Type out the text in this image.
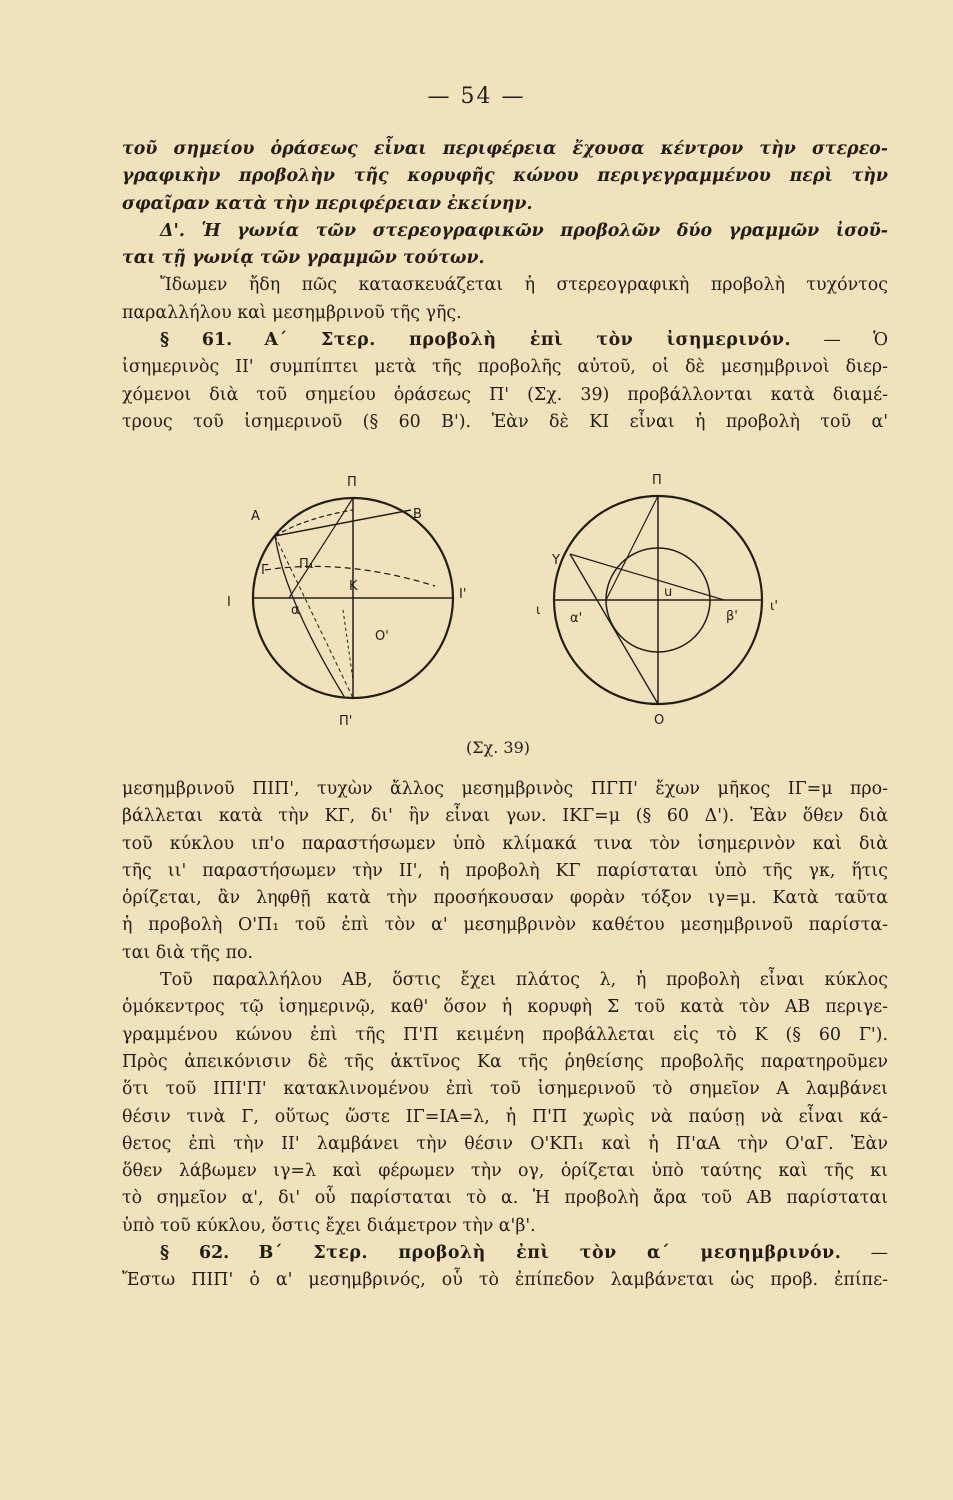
— 54 —
τοῦ σημείου ὁράσεως εἶναι περιφέρεια ἔχουσα κέντρον τὴν στερεο-
γραφικὴν προβολὴν τῆς κορυφῆς κώνου περιγεγραμμένου περὶ τὴν
σφαῖραν κατὰ τὴν περιφέρειαν ἐκείνην.
Δ'. Ἡ γωνία τῶν στερεογραφικῶν προβολῶν δύο γραμμῶν ἰσοῦ-
ται τῇ γωνίᾳ τῶν γραμμῶν τούτων.
Ἴδωμεν ἤδη πῶς κατασκευάζεται ἡ στερεογραφικὴ προβολὴ τυχόντος
παραλλήλου καὶ μεσημβρινοῦ τῆς γῆς.
§ 61. Α΄ Στερ. προβολὴ ἐπὶ τὸν ἰσημερινόν. — Ὁ
ἰσημερινὸς ΙΙ' συμπίπτει μετὰ τῆς προβολῆς αὐτοῦ, οἱ δὲ μεσημβρινοὶ διερ-
χόμενοι διὰ τοῦ σημείου ὁράσεως Π' (Σχ. 39) προβάλλονται κατὰ διαμέ-
τρους τοῦ ἰσημερινοῦ (§ 60 Β'). Ἐὰν δὲ ΚΙ εἶναι ἡ προβολὴ τοῦ α'
Π
Π'
Α	Β
Γ Π₁
Κ
α
Ο'
Ι
Ι'
Π
Ο
Υ
u
α'	β'
ι	ι'
(Σχ. 39)
μεσημβρινοῦ ΠΙΠ', τυχὼν ἄλλος μεσημβρινὸς ΠΓΠ' ἔχων μῆκος ΙΓ=μ προ-
βάλλεται κατὰ τὴν ΚΓ, δι' ἣν εἶναι γων. ΙΚΓ=μ (§ 60 Δ'). Ἐὰν ὅθεν διὰ
τοῦ κύκλου ιπ'ο παραστήσωμεν ὑπὸ κλίμακά τινα τὸν ἰσημερινὸν καὶ διὰ
τῆς ιι' παραστήσωμεν τὴν ΙΙ', ἡ προβολὴ ΚΓ παρίσταται ὑπὸ τῆς γκ, ἥτις
ὁρίζεται, ἂν ληφθῇ κατὰ τὴν προσήκουσαν φορὰν τόξον ιγ=μ. Κατὰ ταῦτα
ἡ προβολὴ Ο'Π₁ τοῦ ἐπὶ τὸν α' μεσημβρινὸν καθέτου μεσημβρινοῦ παρίστα-
ται διὰ τῆς πο.
Τοῦ παραλλήλου ΑΒ, ὅστις ἔχει πλάτος λ, ἡ προβολὴ εἶναι κύκλος
ὁμόκεντρος τῷ ἰσημερινῷ, καθ' ὅσον ἡ κορυφὴ Σ τοῦ κατὰ τὸν ΑΒ περιγε-
γραμμένου κώνου ἐπὶ τῆς Π'Π κειμένη προβάλλεται εἰς τὸ Κ (§ 60 Γ').
Πρὸς ἀπεικόνισιν δὲ τῆς ἀκτῖνος Κα τῆς ῥηθείσης προβολῆς παρατηροῦμεν
ὅτι τοῦ ΙΠΙ'Π' κατακλινομένου ἐπὶ τοῦ ἰσημερινοῦ τὸ σημεῖον Α λαμβάνει
θέσιν τινὰ Γ, οὕτως ὥστε ΙΓ=ΙΑ=λ, ἡ Π'Π χωρὶς νὰ παύσῃ νὰ εἶναι κά-
θετος ἐπὶ τὴν ΙΙ' λαμβάνει τὴν θέσιν Ο'ΚΠ₁ καὶ ἡ Π'αΑ τὴν Ο'αΓ. Ἐὰν
ὅθεν λάβωμεν ιγ=λ καὶ φέρωμεν τὴν ογ, ὁρίζεται ὑπὸ ταύτης καὶ τῆς κι
τὸ σημεῖον α', δι' οὗ παρίσταται τὸ α. Ἡ προβολὴ ἄρα τοῦ ΑΒ παρίσταται
ὑπὸ τοῦ κύκλου, ὅστις ἔχει διάμετρον τὴν α'β'.
§ 62. Β΄ Στερ. προβολὴ ἐπὶ τὸν α΄ μεσημβρινόν. —
Ἔστω ΠΙΠ' ὁ α' μεσημβρινός, οὗ τὸ ἐπίπεδον λαμβάνεται ὡς προβ. ἐπίπε-
